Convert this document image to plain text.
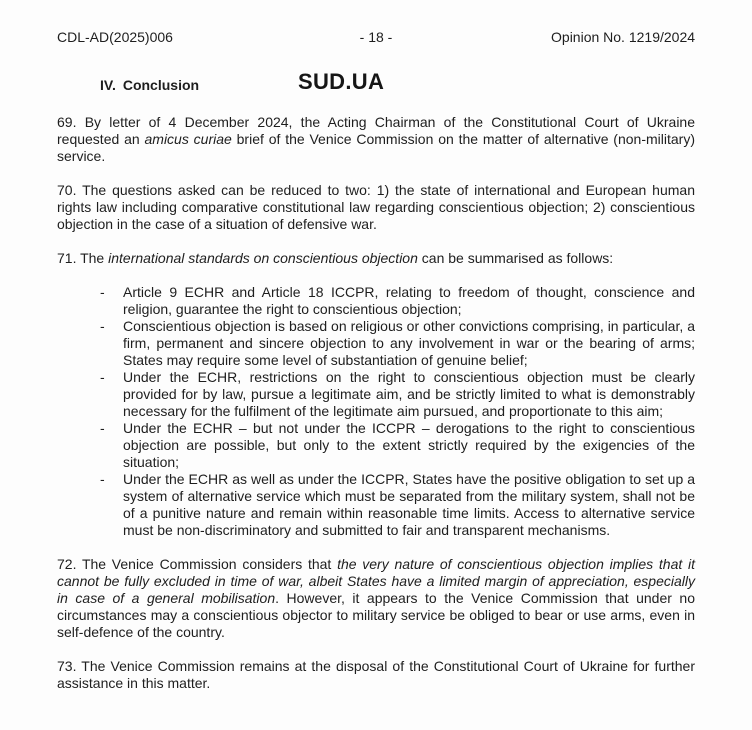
CDL-AD(2025)006	- 18 -	Opinion No. 1219/2024
IV. Conclusion	SUD.UA

69. By letter of 4 December 2024, the Acting Chairman of the Constitutional Court of Ukraine requested an amicus curiae brief of the Venice Commission on the matter of alternative (non-military) service.

70. The questions asked can be reduced to two: 1) the state of international and European human rights law including comparative constitutional law regarding conscientious objection; 2) conscientious objection in the case of a situation of defensive war.

71. The international standards on conscientious objection can be summarised as follows:

-	Article 9 ECHR and Article 18 ICCPR, relating to freedom of thought, conscience and religion, guarantee the right to conscientious objection;
-	Conscientious objection is based on religious or other convictions comprising, in particular, a firm, permanent and sincere objection to any involvement in war or the bearing of arms; States may require some level of substantiation of genuine belief;
-	Under the ECHR, restrictions on the right to conscientious objection must be clearly provided for by law, pursue a legitimate aim, and be strictly limited to what is demonstrably necessary for the fulfilment of the legitimate aim pursued, and proportionate to this aim;
-	Under the ECHR – but not under the ICCPR – derogations to the right to conscientious objection are possible, but only to the extent strictly required by the exigencies of the situation;
-	Under the ECHR as well as under the ICCPR, States have the positive obligation to set up a system of alternative service which must be separated from the military system, shall not be of a punitive nature and remain within reasonable time limits. Access to alternative service must be non-discriminatory and submitted to fair and transparent mechanisms.

72. The Venice Commission considers that the very nature of conscientious objection implies that it cannot be fully excluded in time of war, albeit States have a limited margin of appreciation, especially in case of a general mobilisation. However, it appears to the Venice Commission that under no circumstances may a conscientious objector to military service be obliged to bear or use arms, even in self-defence of the country.

73. The Venice Commission remains at the disposal of the Constitutional Court of Ukraine for further assistance in this matter.
